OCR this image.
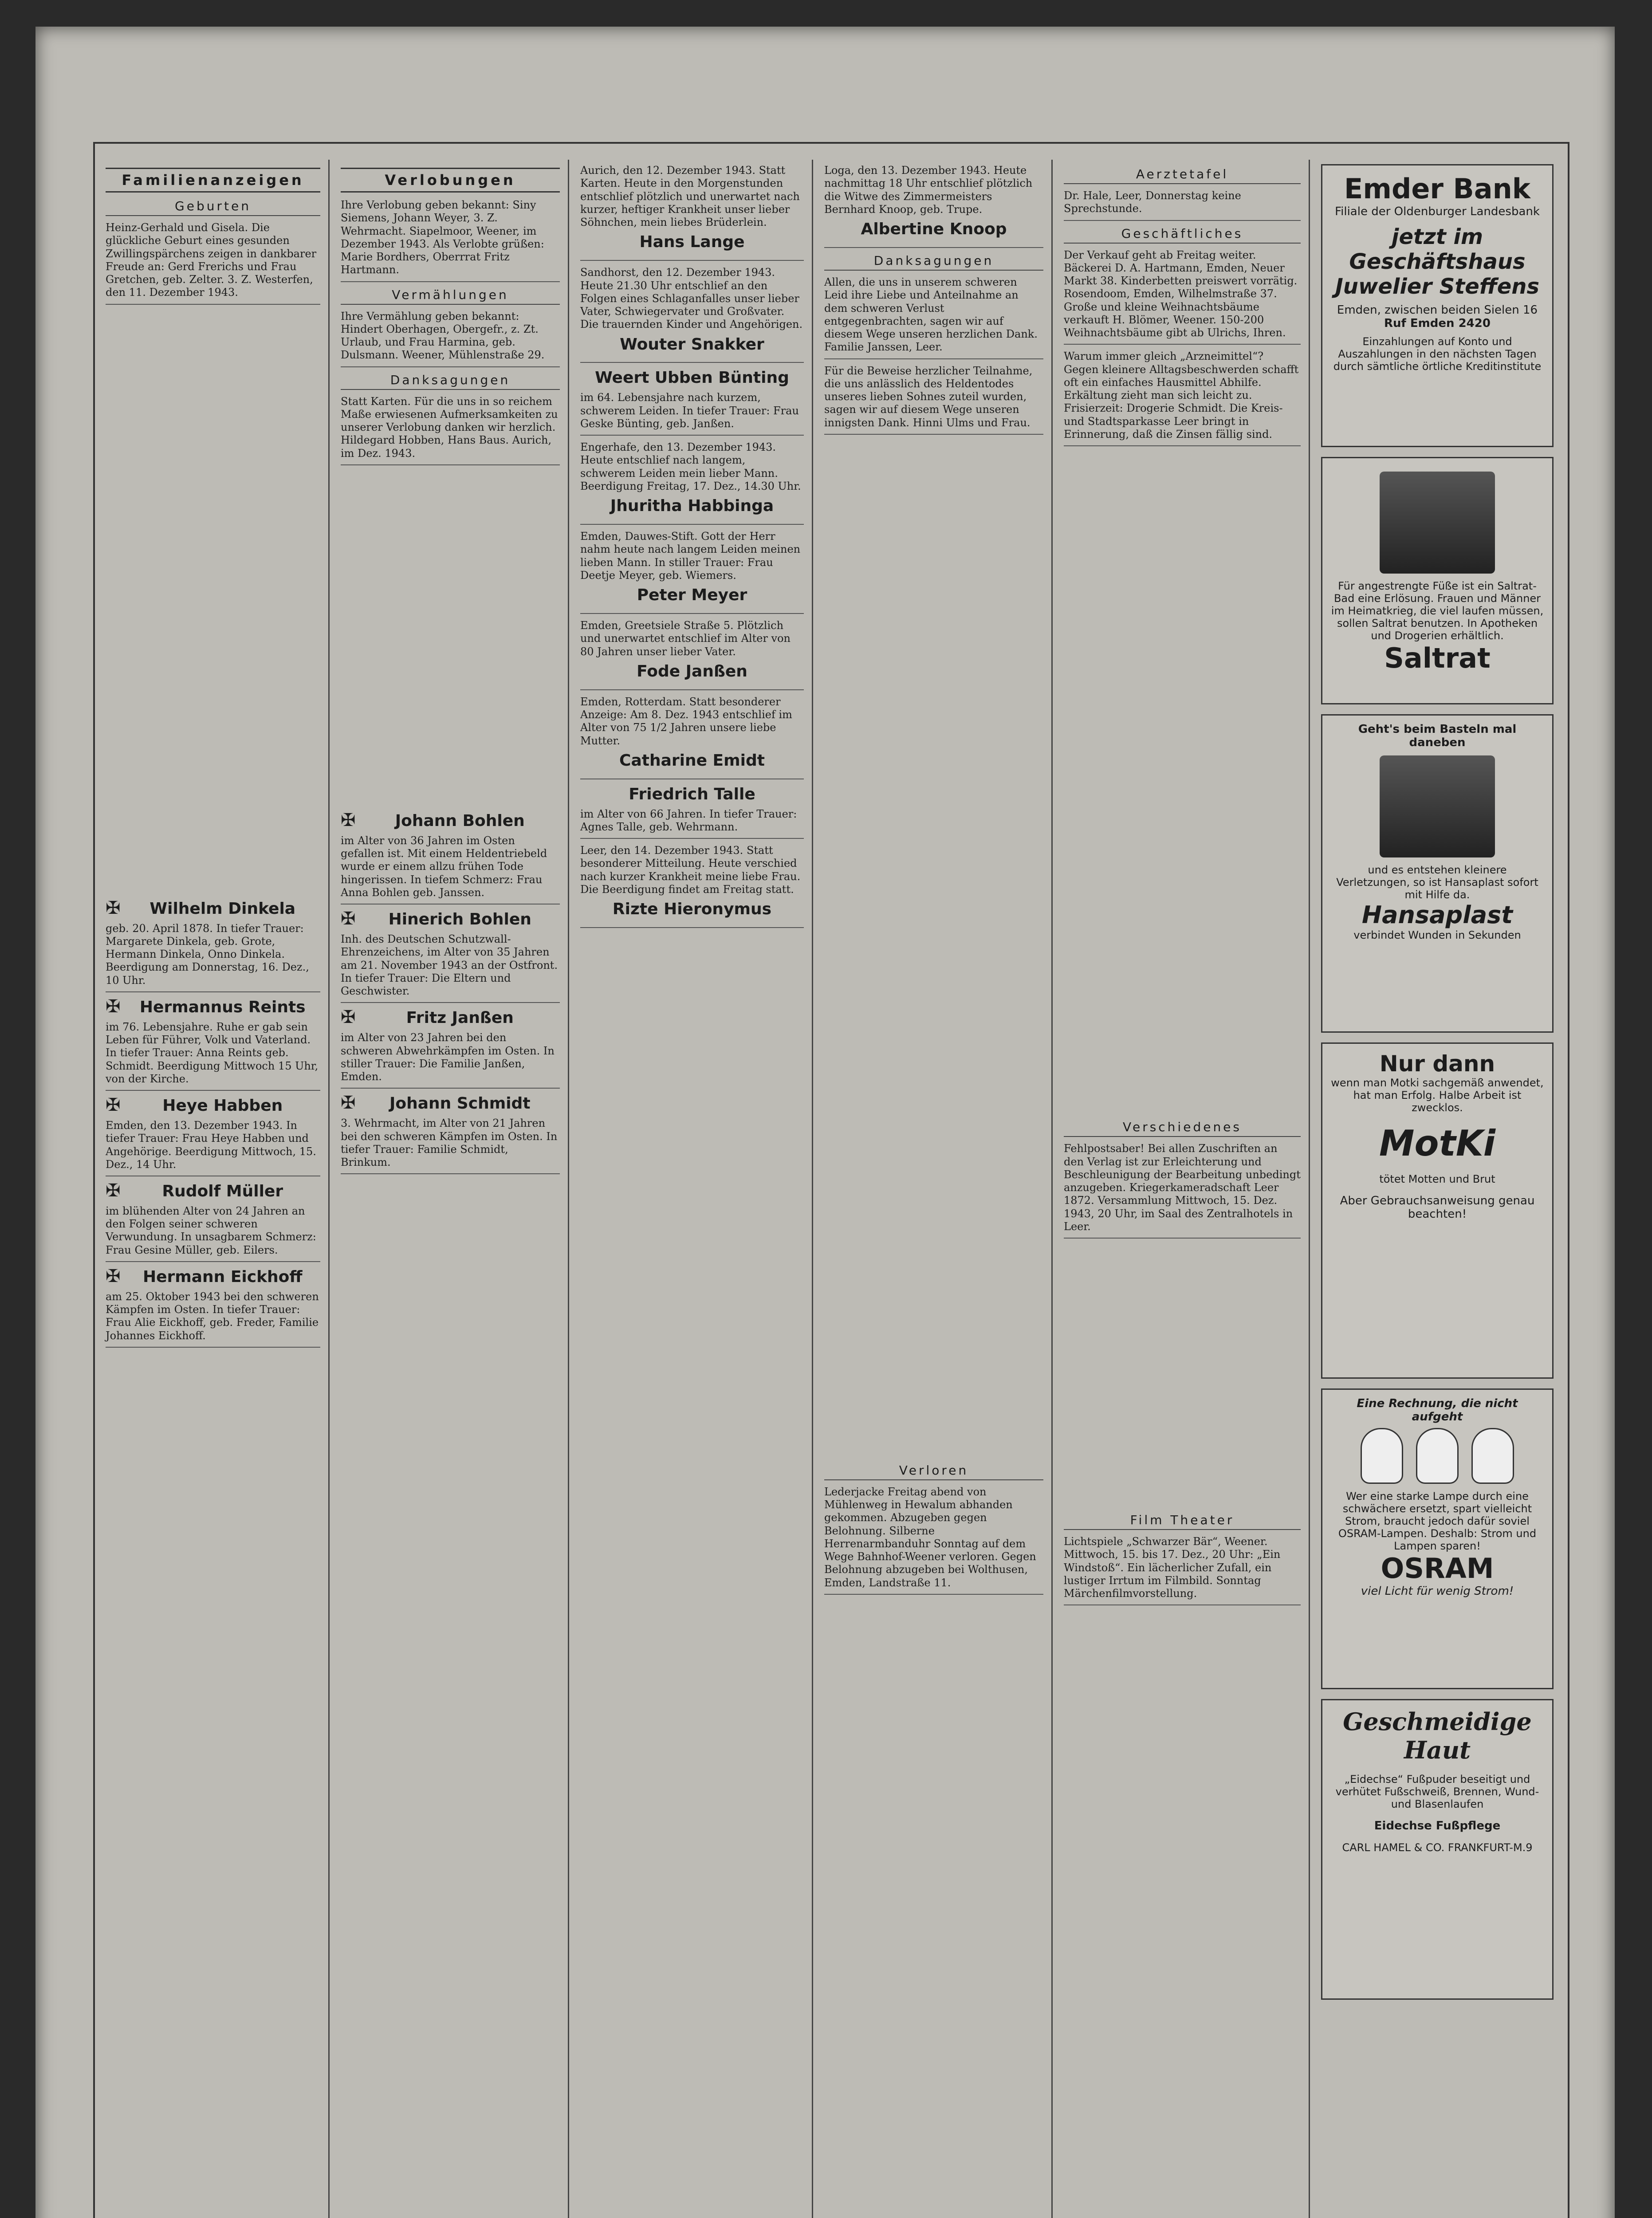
Familienanzeigen
Geburten
Heinz-Gerhald und Gisela. Die glückliche Geburt eines gesunden Zwillingspärchens zeigen in dankbarer Freude an: Gerd Frerichs und Frau Gretchen, geb. Zelter. 3. Z. Westerfen, den 11. Dezember 1943.
✠	Wilhelm Dinkela
geb. 20. April 1878. In tiefer Trauer: Margarete Dinkela, geb. Grote, Hermann Dinkela, Onno Dinkela. Beerdigung am Donnerstag, 16. Dez., 10 Uhr.
✠	Hermannus Reints
im 76. Lebensjahre. Ruhe er gab sein Leben für Führer, Volk und Vaterland. In tiefer Trauer: Anna Reints geb. Schmidt. Beerdigung Mittwoch 15 Uhr, von der Kirche.
✠	Heye Habben
Emden, den 13. Dezember 1943. In tiefer Trauer: Frau Heye Habben und Angehörige. Beerdigung Mittwoch, 15. Dez., 14 Uhr.
✠	Rudolf Müller
im blühenden Alter von 24 Jahren an den Folgen seiner schweren Verwundung. In unsagbarem Schmerz: Frau Gesine Müller, geb. Eilers.
✠	Hermann Eickhoff
am 25. Oktober 1943 bei den schweren Kämpfen im Osten. In tiefer Trauer: Frau Alie Eickhoff, geb. Freder, Familie Johannes Eickhoff.
Verlobungen
Ihre Verlobung geben bekannt: Siny Siemens, Johann Weyer, 3. Z. Wehrmacht. Siapelmoor, Weener, im Dezember 1943. Als Verlobte grüßen: Marie Bordhers, Oberrrat Fritz Hartmann.
Vermählungen
Ihre Vermählung geben bekannt: Hindert Oberhagen, Obergefr., z. Zt. Urlaub, und Frau Harmina, geb. Dulsmann. Weener, Mühlenstraße 29.
Danksagungen
Statt Karten. Für die uns in so reichem Maße erwiesenen Aufmerksamkeiten zu unserer Verlobung danken wir herzlich. Hildegard Hobben, Hans Baus. Aurich, im Dez. 1943.
✠	Johann Bohlen
im Alter von 36 Jahren im Osten gefallen ist. Mit einem Heldentriebeld wurde er einem allzu frühen Tode hingerissen. In tiefem Schmerz: Frau Anna Bohlen geb. Janssen.
✠	Hinerich Bohlen
Inh. des Deutschen Schutzwall-Ehrenzeichens, im Alter von 35 Jahren am 21. November 1943 an der Ostfront. In tiefer Trauer: Die Eltern und Geschwister.
✠	Fritz Janßen
im Alter von 23 Jahren bei den schweren Abwehrkämpfen im Osten. In stiller Trauer: Die Familie Janßen, Emden.
✠	Johann Schmidt
3. Wehrmacht, im Alter von 21 Jahren bei den schweren Kämpfen im Osten. In tiefer Trauer: Familie Schmidt, Brinkum.
Aurich, den 12. Dezember 1943. Statt Karten. Heute in den Morgenstunden entschlief plötzlich und unerwartet nach kurzer, heftiger Krankheit unser lieber Söhnchen, mein liebes Brüderlein.
Hans Lange
Sandhorst, den 12. Dezember 1943. Heute 21.30 Uhr entschlief an den Folgen eines Schlaganfalles unser lieber Vater, Schwiegervater und Großvater. Die trauernden Kinder und Angehörigen.
Wouter Snakker
Weert Ubben Bünting
im 64. Lebensjahre nach kurzem, schwerem Leiden. In tiefer Trauer: Frau Geske Bünting, geb. Janßen.
Engerhafe, den 13. Dezember 1943. Heute entschlief nach langem, schwerem Leiden mein lieber Mann. Beerdigung Freitag, 17. Dez., 14.30 Uhr.
Jhuritha Habbinga
Emden, Dauwes-Stift. Gott der Herr nahm heute nach langem Leiden meinen lieben Mann. In stiller Trauer: Frau Deetje Meyer, geb. Wiemers.
Peter Meyer
Emden, Greetsiele Straße 5. Plötzlich und unerwartet entschlief im Alter von 80 Jahren unser lieber Vater.
Fode Janßen
Emden, Rotterdam. Statt besonderer Anzeige: Am 8. Dez. 1943 entschlief im Alter von 75 1/2 Jahren unsere liebe Mutter.
Catharine Emidt
Friedrich Talle
im Alter von 66 Jahren. In tiefer Trauer: Agnes Talle, geb. Wehrmann.
Leer, den 14. Dezember 1943. Statt besonderer Mitteilung. Heute verschied nach kurzer Krankheit meine liebe Frau. Die Beerdigung findet am Freitag statt.
Rizte Hieronymus
Loga, den 13. Dezember 1943. Heute nachmittag 18 Uhr entschlief plötzlich die Witwe des Zimmermeisters Bernhard Knoop, geb. Trupe.
Albertine Knoop
Danksagungen
Allen, die uns in unserem schweren Leid ihre Liebe und Anteilnahme an dem schweren Verlust entgegenbrachten, sagen wir auf diesem Wege unseren herzlichen Dank. Familie Janssen, Leer.
Für die Beweise herzlicher Teilnahme, die uns anlässlich des Heldentodes unseres lieben Sohnes zuteil wurden, sagen wir auf diesem Wege unseren innigsten Dank. Hinni Ulms und Frau.
Verloren
Lederjacke Freitag abend von Mühlenweg in Hewalum abhanden gekommen. Abzugeben gegen Belohnung. Silberne Herrenarmbanduhr Sonntag auf dem Wege Bahnhof-Weener verloren. Gegen Belohnung abzugeben bei Wolthusen, Emden, Landstraße 11.
Aerztetafel
Dr. Hale, Leer, Donnerstag keine Sprechstunde.
Geschäftliches
Der Verkauf geht ab Freitag weiter. Bäckerei D. A. Hartmann, Emden, Neuer Markt 38. Kinderbetten preiswert vorrätig. Rosendoom, Emden, Wilhelmstraße 37. Große und kleine Weihnachtsbäume verkauft H. Blömer, Weener. 150-200 Weihnachtsbäume gibt ab Ulrichs, Ihren.
Warum immer gleich „Arzneimittel“? Gegen kleinere Alltagsbeschwerden schafft oft ein einfaches Hausmittel Abhilfe. Erkältung zieht man sich leicht zu. Frisierzeit: Drogerie Schmidt. Die Kreis- und Stadtsparkasse Leer bringt in Erinnerung, daß die Zinsen fällig sind.
Verschiedenes
Fehlpostsaber! Bei allen Zuschriften an den Verlag ist zur Erleichterung und Beschleunigung der Bearbeitung unbedingt anzugeben. Kriegerkameradschaft Leer 1872. Versammlung Mittwoch, 15. Dez. 1943, 20 Uhr, im Saal des Zentralhotels in Leer.
Film Theater
Lichtspiele „Schwarzer Bär“, Weener. Mittwoch, 15. bis 17. Dez., 20 Uhr: „Ein Windstoß“. Ein lächerlicher Zufall, ein lustiger Irrtum im Filmbild. Sonntag Märchenfilmvorstellung.
Emder Bank
Filiale der Oldenburger Landesbank
jetzt im Geschäftshaus Juwelier Steffens
Emden, zwischen beiden Sielen 16
Ruf Emden 2420
Einzahlungen auf Konto und Auszahlungen in den nächsten Tagen durch sämtliche örtliche Kreditinstitute
Für angestrengte Füße ist ein Saltrat-Bad eine Erlösung. Frauen und Männer im Heimatkrieg, die viel laufen müssen, sollen Saltrat benutzen. In Apotheken und Drogerien erhältlich.
Saltrat
Geht's beim Basteln mal daneben
und es entstehen kleinere Verletzungen, so ist Hansaplast sofort mit Hilfe da.
Hansaplast
verbindet Wunden in Sekunden
Nur dann
wenn man Motki sachgemäß anwendet, hat man Erfolg. Halbe Arbeit ist zwecklos.
MotKi
tötet Motten und Brut
Aber Gebrauchsanweisung genau beachten!
Eine Rechnung, die nicht aufgeht

Wer eine starke Lampe durch eine schwächere ersetzt, spart vielleicht Strom, braucht jedoch dafür soviel OSRAM-Lampen. Deshalb: Strom und Lampen sparen!
OSRAM
viel Licht für wenig Strom!
Geschmeidige Haut
„Eidechse“ Fußpuder beseitigt und verhütet Fußschweiß, Brennen, Wund- und Blasenlaufen
Eidechse Fußpflege
CARL HAMEL & CO. FRANKFURT-M.9
